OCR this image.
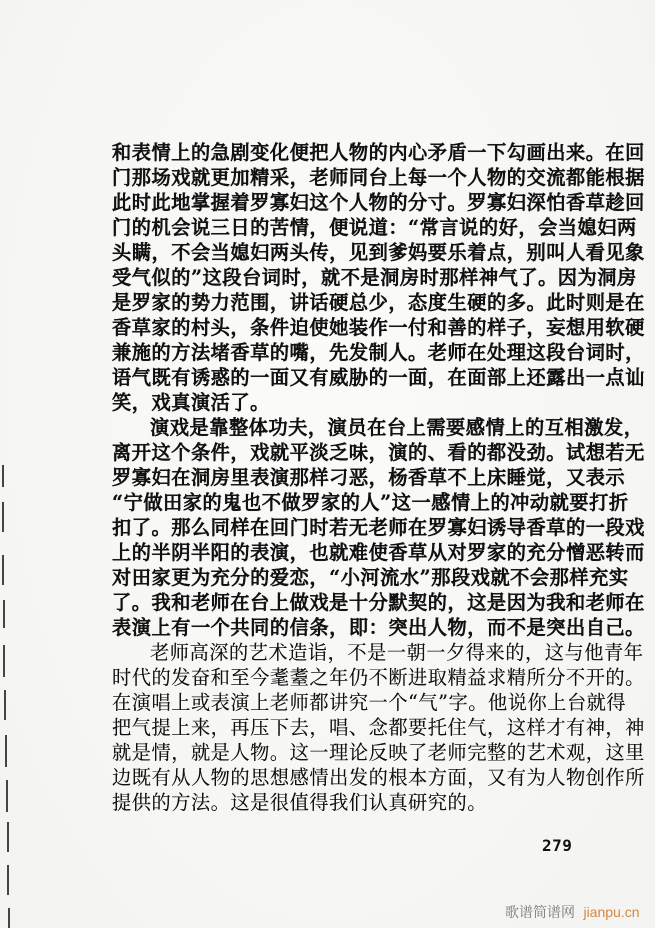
和表情上的急剧变化便把人物的内心矛盾一下勾画出来。在回
门那场戏就更加精采，老师同台上每一个人物的交流都能根据
此时此地掌握着罗寡妇这个人物的分寸。罗寡妇深怕香草趁回
门的机会说三日的苦情，便说道：“常言说的好，会当媳妇两
头瞒，不会当媳妇两头传，见到爹妈要乐着点，别叫人看见象
受气似的”这段台词时，就不是洞房时那样神气了。因为洞房
是罗家的势力范围，讲话硬总少，态度生硬的多。此时则是在
香草家的村头，条件迫使她装作一付和善的样子，妄想用软硬
兼施的方法堵香草的嘴，先发制人。老师在处理这段台词时，
语气既有诱惑的一面又有威胁的一面，在面部上还露出一点讪
笑，戏真演活了。
演戏是靠整体功夫，演员在台上需要感情上的互相激发，
离开这个条件，戏就平淡乏味，演的、看的都没劲。试想若无
罗寡妇在洞房里表演那样刁恶，杨香草不上床睡觉，又表示
“宁做田家的鬼也不做罗家的人”这一感情上的冲动就要打折
扣了。那么同样在回门时若无老师在罗寡妇诱导香草的一段戏
上的半阴半阳的表演，也就难使香草从对罗家的充分憎恶转而
对田家更为充分的爱恋，“小河流水”那段戏就不会那样充实
了。我和老师在台上做戏是十分默契的，这是因为我和老师在
表演上有一个共同的信条，即：突出人物，而不是突出自己。
老师高深的艺术造诣，不是一朝一夕得来的，这与他青年
时代的发奋和至今耄耋之年仍不断进取精益求精所分不开的。
在演唱上或表演上老师都讲究一个“气”字。他说你上台就得
把气提上来，再压下去，唱、念都要托住气，这样才有神，神
就是情，就是人物。这一理论反映了老师完整的艺术观，这里
边既有从人物的思想感情出发的根本方面，又有为人物创作所
提供的方法。这是很值得我们认真研究的。
279
歌谱简谱网 jianpu.cn
